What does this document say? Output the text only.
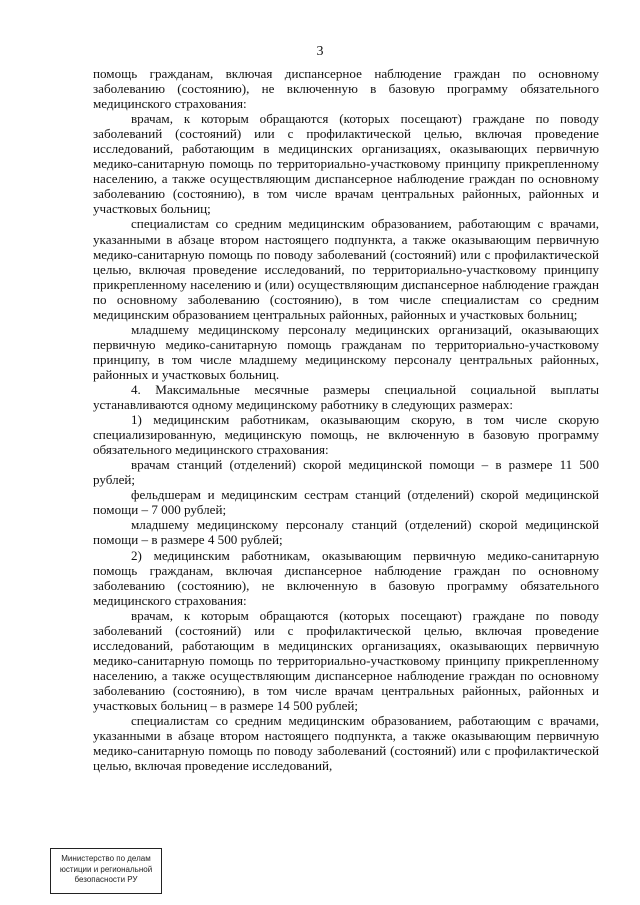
3

помощь гражданам, включая диспансерное наблюдение граждан по основному заболеванию (состоянию), не включенную в базовую программу обязательного медицинского страхования:

врачам, к которым обращаются (которых посещают) граждане по поводу заболеваний (состояний) или с профилактической целью, включая проведение исследований, работающим в медицинских организациях, оказывающих первичную медико-санитарную помощь по территориально-участковому принципу прикрепленному населению, а также осуществляющим диспансерное наблюдение граждан по основному заболеванию (состоянию), в том числе врачам центральных районных, районных и участковых больниц;

специалистам со средним медицинским образованием, работающим с врачами, указанными в абзаце втором настоящего подпункта, а также оказывающим первичную медико-санитарную помощь по поводу заболеваний (состояний) или с профилактической целью, включая проведение исследований, по территориально-участковому принципу прикрепленному населению и (или) осуществляющим диспансерное наблюдение граждан по основному заболеванию (состоянию), в том числе специалистам со средним медицинским образованием центральных районных, районных и участковых больниц;

младшему медицинскому персоналу медицинских организаций, оказывающих первичную медико-санитарную помощь гражданам по территориально-участковому принципу, в том числе младшему медицинскому персоналу центральных районных, районных и участковых больниц.

4. Максимальные месячные размеры специальной социальной выплаты устанавливаются одному медицинскому работнику в следующих размерах:

1) медицинским работникам, оказывающим скорую, в том числе скорую специализированную, медицинскую помощь, не включенную в базовую программу обязательного медицинского страхования:

врачам станций (отделений) скорой медицинской помощи – в размере 11 500 рублей;

фельдшерам и медицинским сестрам станций (отделений) скорой медицинской помощи – 7 000 рублей;

младшему медицинскому персоналу станций (отделений) скорой медицинской помощи – в размере 4 500 рублей;

2) медицинским работникам, оказывающим первичную медико-санитарную помощь гражданам, включая диспансерное наблюдение граждан по основному заболеванию (состоянию), не включенную в базовую программу обязательного медицинского страхования:

врачам, к которым обращаются (которых посещают) граждане по поводу заболеваний (состояний) или с профилактической целью, включая проведение исследований, работающим в медицинских организациях, оказывающих первичную медико-санитарную помощь по территориально-участковому принципу прикрепленному населению, а также осуществляющим диспансерное наблюдение граждан по основному заболеванию (состоянию), в том числе врачам центральных районных, районных и участковых больниц – в размере 14 500 рублей;

специалистам со средним медицинским образованием, работающим с врачами, указанными в абзаце втором настоящего подпункта, а также оказывающим первичную медико-санитарную помощь по поводу заболеваний (состояний) или с профилактической целью, включая проведение исследований,

Министерство по делам
юстиции и региональной
безопасности РУ
